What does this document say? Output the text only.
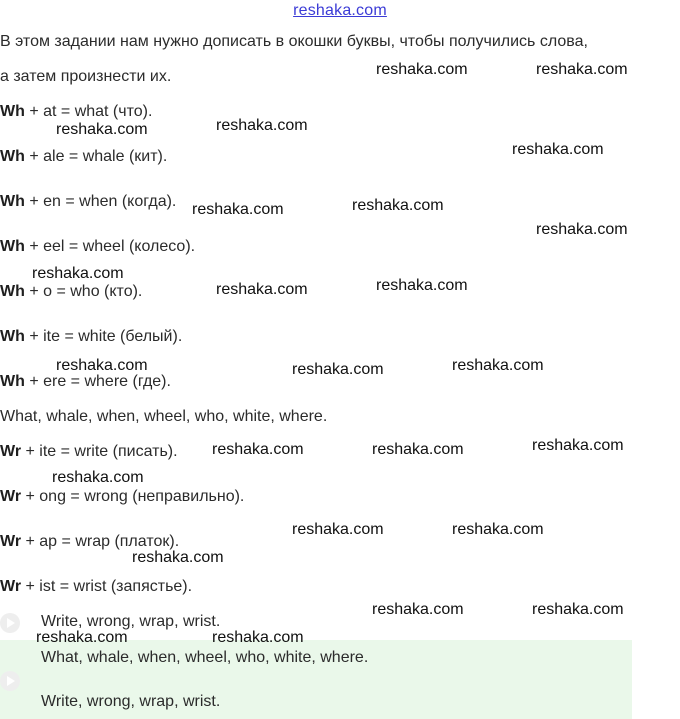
reshaka.com
В этом задании нам нужно дописать в окошки буквы, чтобы получились слова,
а затем произнести их.
Wh + at = what (что).
Wh + ale = whale (кит).
Wh + en = when (когда).
Wh + eel = wheel (колесо).
Wh + o = who (кто).
Wh + ite = white (белый).
Wh + ere = where (где).
What, whale, when, wheel, who, white, where.
Wr + ite = write (писать).
Wr + ong = wrong (неправильно).
Wr + ap = wrap (платок).
Wr + ist = wrist (запястье).
Write, wrong, wrap, wrist.
What, whale, when, wheel, who, white, where.
Write, wrong, wrap, wrist.
reshaka.com	reshaka.com
reshaka.com	reshaka.com
reshaka.com
reshaka.com	reshaka.com
reshaka.com
reshaka.com
reshaka.com	reshaka.com
reshaka.com	reshaka.com	reshaka.com
reshaka.com	reshaka.com	reshaka.com
reshaka.com
reshaka.com	reshaka.com
reshaka.com
reshaka.com	reshaka.com
reshaka.com	reshaka.com
